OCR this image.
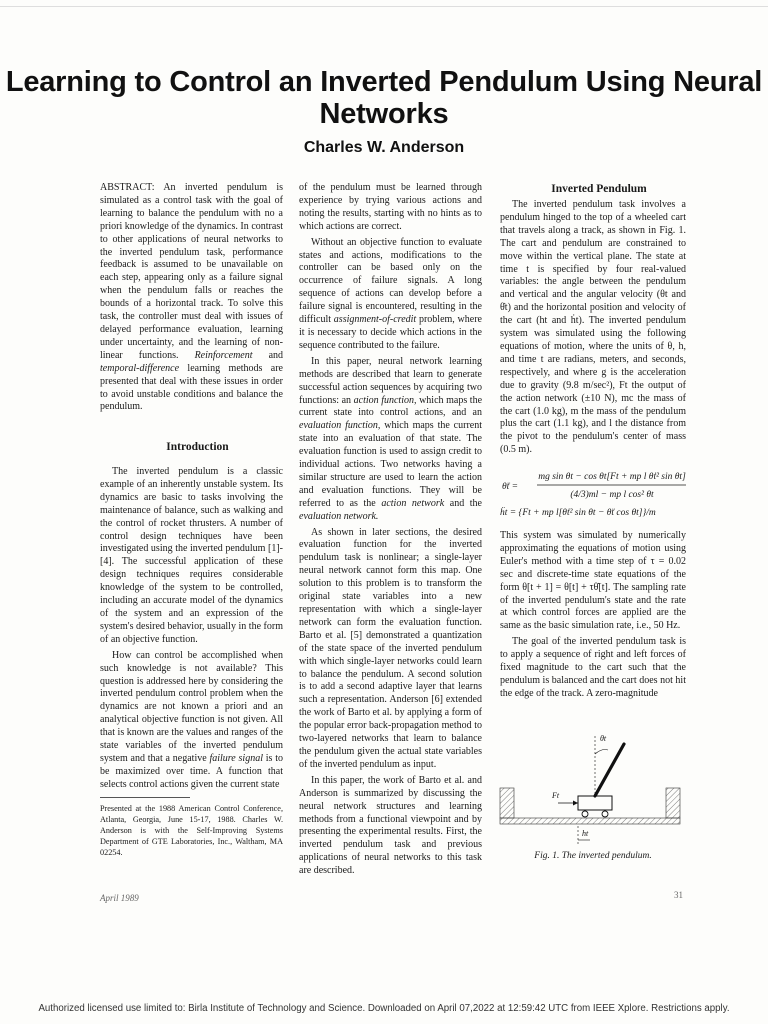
Learning to Control an Inverted Pendulum Using Neural Networks
Charles W. Anderson

ABSTRACT: An inverted pendulum is simulated as a control task with the goal of learning to balance the pendulum with no a priori knowledge of the dynamics. In contrast to other applications of neural networks to the inverted pendulum task, performance feedback is assumed to be unavailable on each step, appearing only as a failure signal when the pendulum falls or reaches the bounds of a horizontal track. To solve this task, the controller must deal with issues of delayed performance evaluation, learning under uncertainty, and the learning of non-linear functions. Reinforcement and temporal-difference learning methods are presented that deal with these issues in order to avoid unstable conditions and balance the pendulum.

Introduction

The inverted pendulum is a classic example of an inherently unstable system. Its dynamics are basic to tasks involving the maintenance of balance, such as walking and the control of rocket thrusters. A number of control design techniques have been investigated using the inverted pendulum [1]-[4]. The successful application of these design techniques requires considerable knowledge of the system to be controlled, including an accurate model of the dynamics of the system and an expression of the system's desired behavior, usually in the form of an objective function.

How can control be accomplished when such knowledge is not available? This question is addressed here by considering the inverted pendulum control problem when the dynamics are not known a priori and an analytical objective function is not given. All that is known are the values and ranges of the state variables of the inverted pendulum system and that a negative failure signal is to be maximized over time. A function that selects control actions given the current state

Presented at the 1988 American Control Conference, Atlanta, Georgia, June 15-17, 1988. Charles W. Anderson is with the Self-Improving Systems Department of GTE Laboratories, Inc., Waltham, MA 02254.

of the pendulum must be learned through experience by trying various actions and noting the results, starting with no hints as to which actions are correct.

Without an objective function to evaluate states and actions, modifications to the controller can be based only on the occurrence of failure signals. A long sequence of actions can develop before a failure signal is encountered, resulting in the difficult assignment-of-credit problem, where it is necessary to decide which actions in the sequence contributed to the failure.

In this paper, neural network learning methods are described that learn to generate successful action sequences by acquiring two functions: an action function, which maps the current state into control actions, and an evaluation function, which maps the current state into an evaluation of that state. The evaluation function is used to assign credit to individual actions. Two networks having a similar structure are used to learn the action and evaluation functions. They will be referred to as the action network and the evaluation network.

As shown in later sections, the desired evaluation function for the inverted pendulum task is nonlinear; a single-layer neural network cannot form this map. One solution to this problem is to transform the original state variables into a new representation with which a single-layer network can form the evaluation function. Barto et al. [5] demonstrated a quantization of the state space of the inverted pendulum with which single-layer networks could learn to balance the pendulum. A second solution is to add a second adaptive layer that learns such a representation. Anderson [6] extended the work of Barto et al. by applying a form of the popular error back-propagation method to two-layered networks that learn to balance the pendulum given the actual state variables of the inverted pendulum as input.

In this paper, the work of Barto et al. and Anderson is summarized by discussing the neural network structures and learning methods from a functional viewpoint and by presenting the experimental results. First, the inverted pendulum task and previous applications of neural networks to this task are described.

Inverted Pendulum

The inverted pendulum task involves a pendulum hinged to the top of a wheeled cart that travels along a track, as shown in Fig. 1. The cart and pendulum are constrained to move within the vertical plane. The state at time t is specified by four real-valued variables: the angle between the pendulum and vertical and the angular velocity (θt and θ̇t) and the horizontal position and velocity of the cart (ht and ḣt). The inverted pendulum system was simulated using the following equations of motion, where the units of θ, h, and time t are radians, meters, and seconds, respectively, and where g is the acceleration due to gravity (9.8 m/sec²), Ft the output of the action network (±10 N), mc the mass of the cart (1.0 kg), m the mass of the pendulum plus the cart (1.1 kg), and l the distance from the pivot to the pendulum's center of mass (0.5 m).

θ̈t =
mg sin θt − cos θt[Ft + mp l θ̇t² sin θt]
(4/3)ml − mp l cos² θt
ḧt = {Ft + mp l[θ̇t² sin θt − θ̈t cos θt]}/m

This system was simulated by numerically approximating the equations of motion using Euler's method with a time step of τ = 0.02 sec and discrete-time state equations of the form θ[t + 1] = θ[t] + τθ̇[t]. The sampling rate of the inverted pendulum's state and the rate at which control forces are applied are the same as the basic simulation rate, i.e., 50 Hz.

The goal of the inverted pendulum task is to apply a sequence of right and left forces of fixed magnitude to the cart such that the pendulum is balanced and the cart does not hit the edge of the track. A zero-magnitude

θt
Ft
ht
Fig. 1. The inverted pendulum.
April 1989	31
Authorized licensed use limited to: Birla Institute of Technology and Science. Downloaded on April 07,2022 at 12:59:42 UTC from IEEE Xplore. Restrictions apply.
